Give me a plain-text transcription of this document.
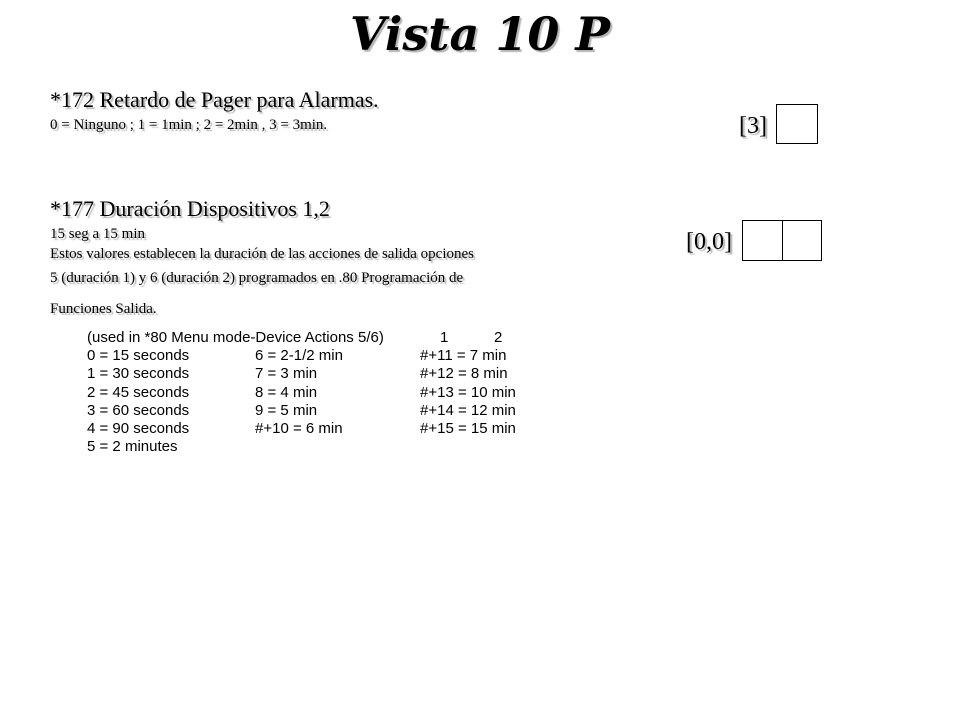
Vista 10 P
*172 Retardo de Pager para Alarmas.
0 = Ninguno ; 1 = 1min ; 2 = 2min , 3 = 3min.	[3]
*177 Duración Dispositivos 1,2
15 seg a 15 min
Estos valores establecen la duración de las acciones de salida opciones
5 (duración 1) y 6 (duración 2) programados en .80 Programación de
Funciones Salida.
[0,0]
(used in *80 Menu mode-Device Actions 5/6)	1	2
0 = 15 seconds	6 = 2-1/2 min	#+11 = 7 min
1 = 30 seconds	7 = 3 min	#+12 = 8 min
2 = 45 seconds	8 = 4 min	#+13 = 10 min
3 = 60 seconds	9 = 5 min	#+14 = 12 min
4 = 90 seconds	#+10 = 6 min	#+15 = 15 min
5 = 2 minutes
